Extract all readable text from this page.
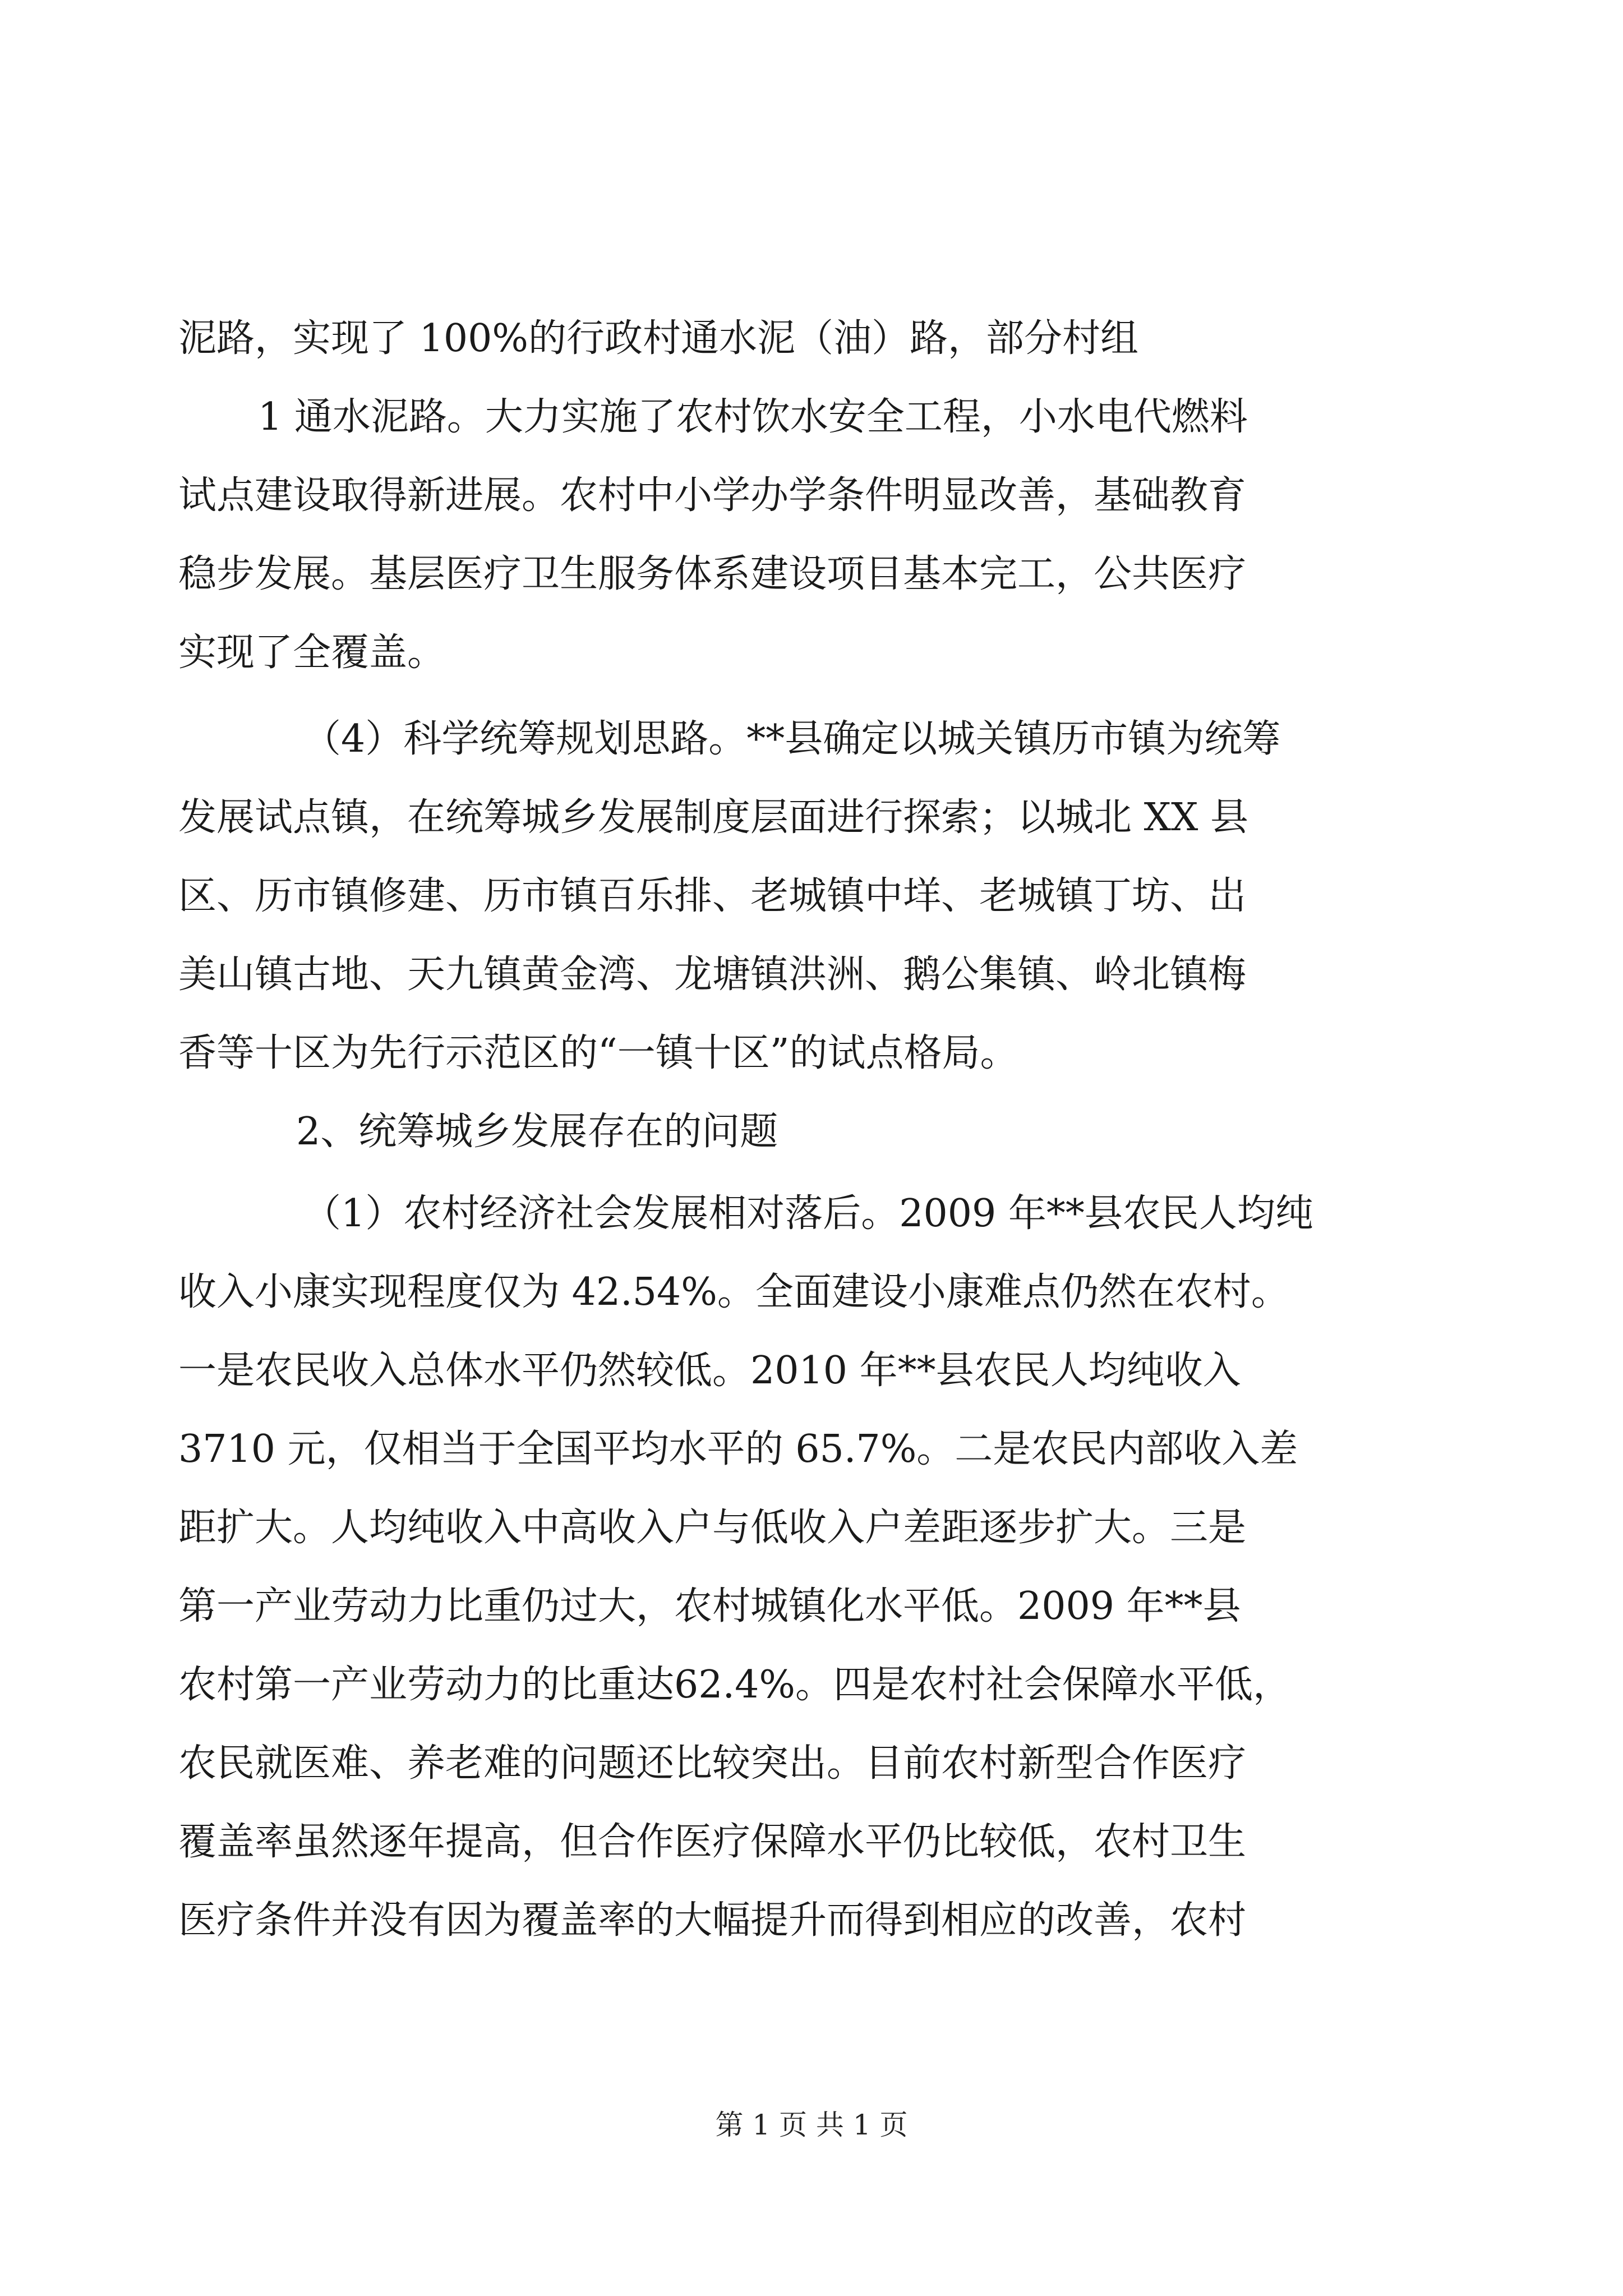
泥路，实现了 100%的行政村通水泥（油）路，部分村组
1 通水泥路。大力实施了农村饮水安全工程，小水电代燃料
试点建设取得新进展。农村中小学办学条件明显改善，基础教育
稳步发展。基层医疗卫生服务体系建设项目基本完工，公共医疗
实现了全覆盖。
（4）科学统筹规划思路。**县确定以城关镇历市镇为统筹
发展试点镇，在统筹城乡发展制度层面进行探索；以城北 XX 县
区、历市镇修建、历市镇百乐排、老城镇中垟、老城镇丁坊、岀
美山镇古地、天九镇黄金湾、龙塘镇洪洲、鹅公集镇、岭北镇梅
香等十区为先行示范区的“一镇十区”的试点格局。
2、统筹城乡发展存在的问题
（1）农村经济社会发展相对落后。2009 年**县农民人均纯
收入小康实现程度仅为 42.54%。全面建设小康难点仍然在农村。
一是农民收入总体水平仍然较低。2010 年**县农民人均纯收入
3710 元，仅相当于全国平均水平的 65.7%。二是农民内部收入差
距扩大。人均纯收入中高收入户与低收入户差距逐步扩大。三是
第一产业劳动力比重仍过大，农村城镇化水平低。2009 年**县
农村第一产业劳动力的比重达62.4%。四是农村社会保障水平低，
农民就医难、养老难的问题还比较突出。目前农村新型合作医疗
覆盖率虽然逐年提高，但合作医疗保障水平仍比较低，农村卫生
医疗条件并没有因为覆盖率的大幅提升而得到相应的改善，农村
第 1 页 共 1 页
